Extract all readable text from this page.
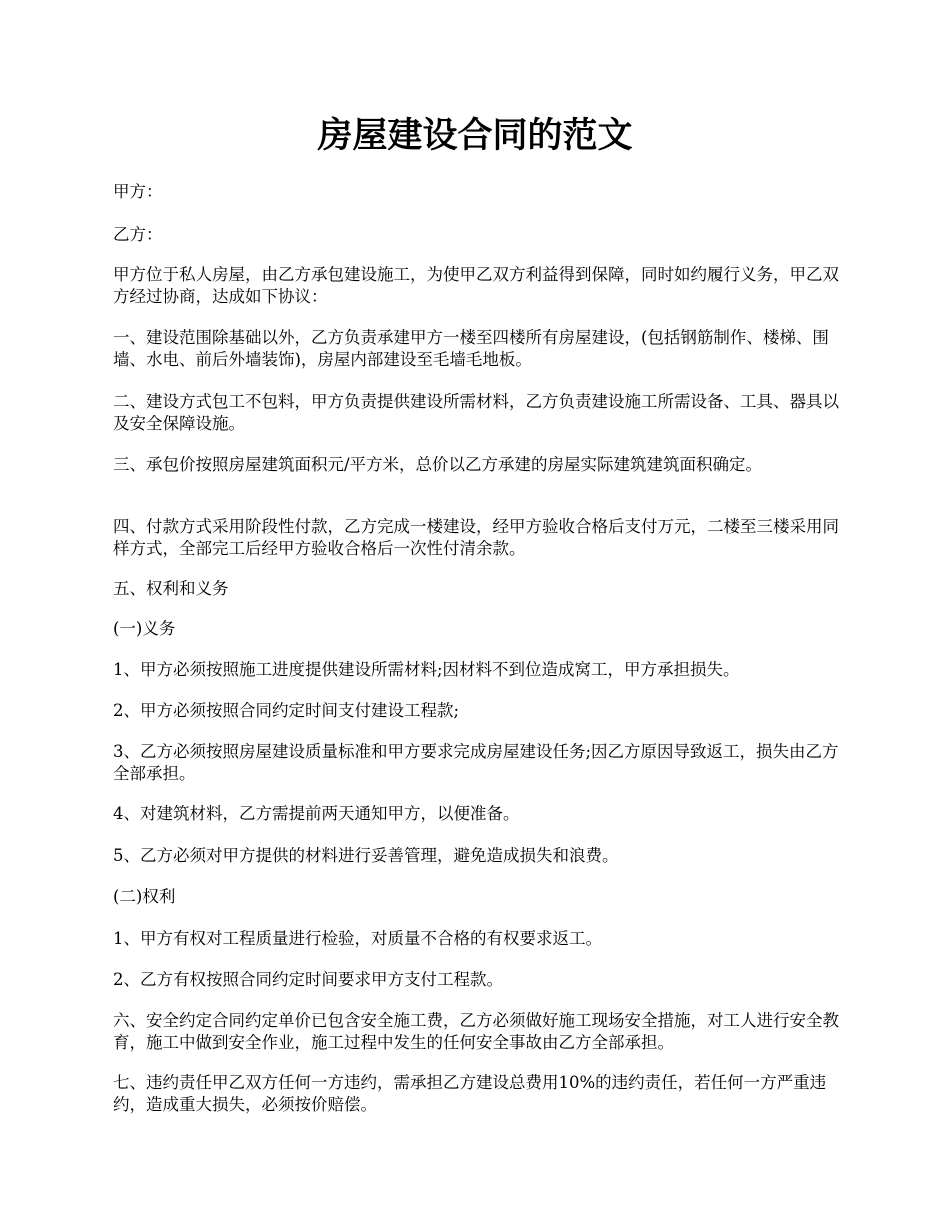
房屋建设合同的范文

甲方：

乙方：

甲方位于私人房屋，由乙方承包建设施工，为使甲乙双方利益得到保障，同时如约履行义务，甲乙双方经过协商，达成如下协议：

一、建设范围除基础以外，乙方负责承建甲方一楼至四楼所有房屋建设，(包括钢筋制作、楼梯、围墙、水电、前后外墙装饰)，房屋内部建设至毛墙毛地板。

二、建设方式包工不包料，甲方负责提供建设所需材料，乙方负责建设施工所需设备、工具、器具以及安全保障设施。

三、承包价按照房屋建筑面积元/平方米，总价以乙方承建的房屋实际建筑建筑面积确定。

四、付款方式采用阶段性付款，乙方完成一楼建设，经甲方验收合格后支付万元，二楼至三楼采用同样方式，全部完工后经甲方验收合格后一次性付清余款。

五、权利和义务

(一)义务

1、甲方必须按照施工进度提供建设所需材料;因材料不到位造成窝工，甲方承担损失。

2、甲方必须按照合同约定时间支付建设工程款;

3、乙方必须按照房屋建设质量标准和甲方要求完成房屋建设任务;因乙方原因导致返工，损失由乙方全部承担。

4、对建筑材料，乙方需提前两天通知甲方，以便准备。

5、乙方必须对甲方提供的材料进行妥善管理，避免造成损失和浪费。

(二)权利

1、甲方有权对工程质量进行检验，对质量不合格的有权要求返工。

2、乙方有权按照合同约定时间要求甲方支付工程款。

六、安全约定合同约定单价已包含安全施工费，乙方必须做好施工现场安全措施，对工人进行安全教育，施工中做到安全作业，施工过程中发生的任何安全事故由乙方全部承担。

七、违约责任甲乙双方任何一方违约，需承担乙方建设总费用10%的违约责任，若任何一方严重违约，造成重大损失，必须按价赔偿。
